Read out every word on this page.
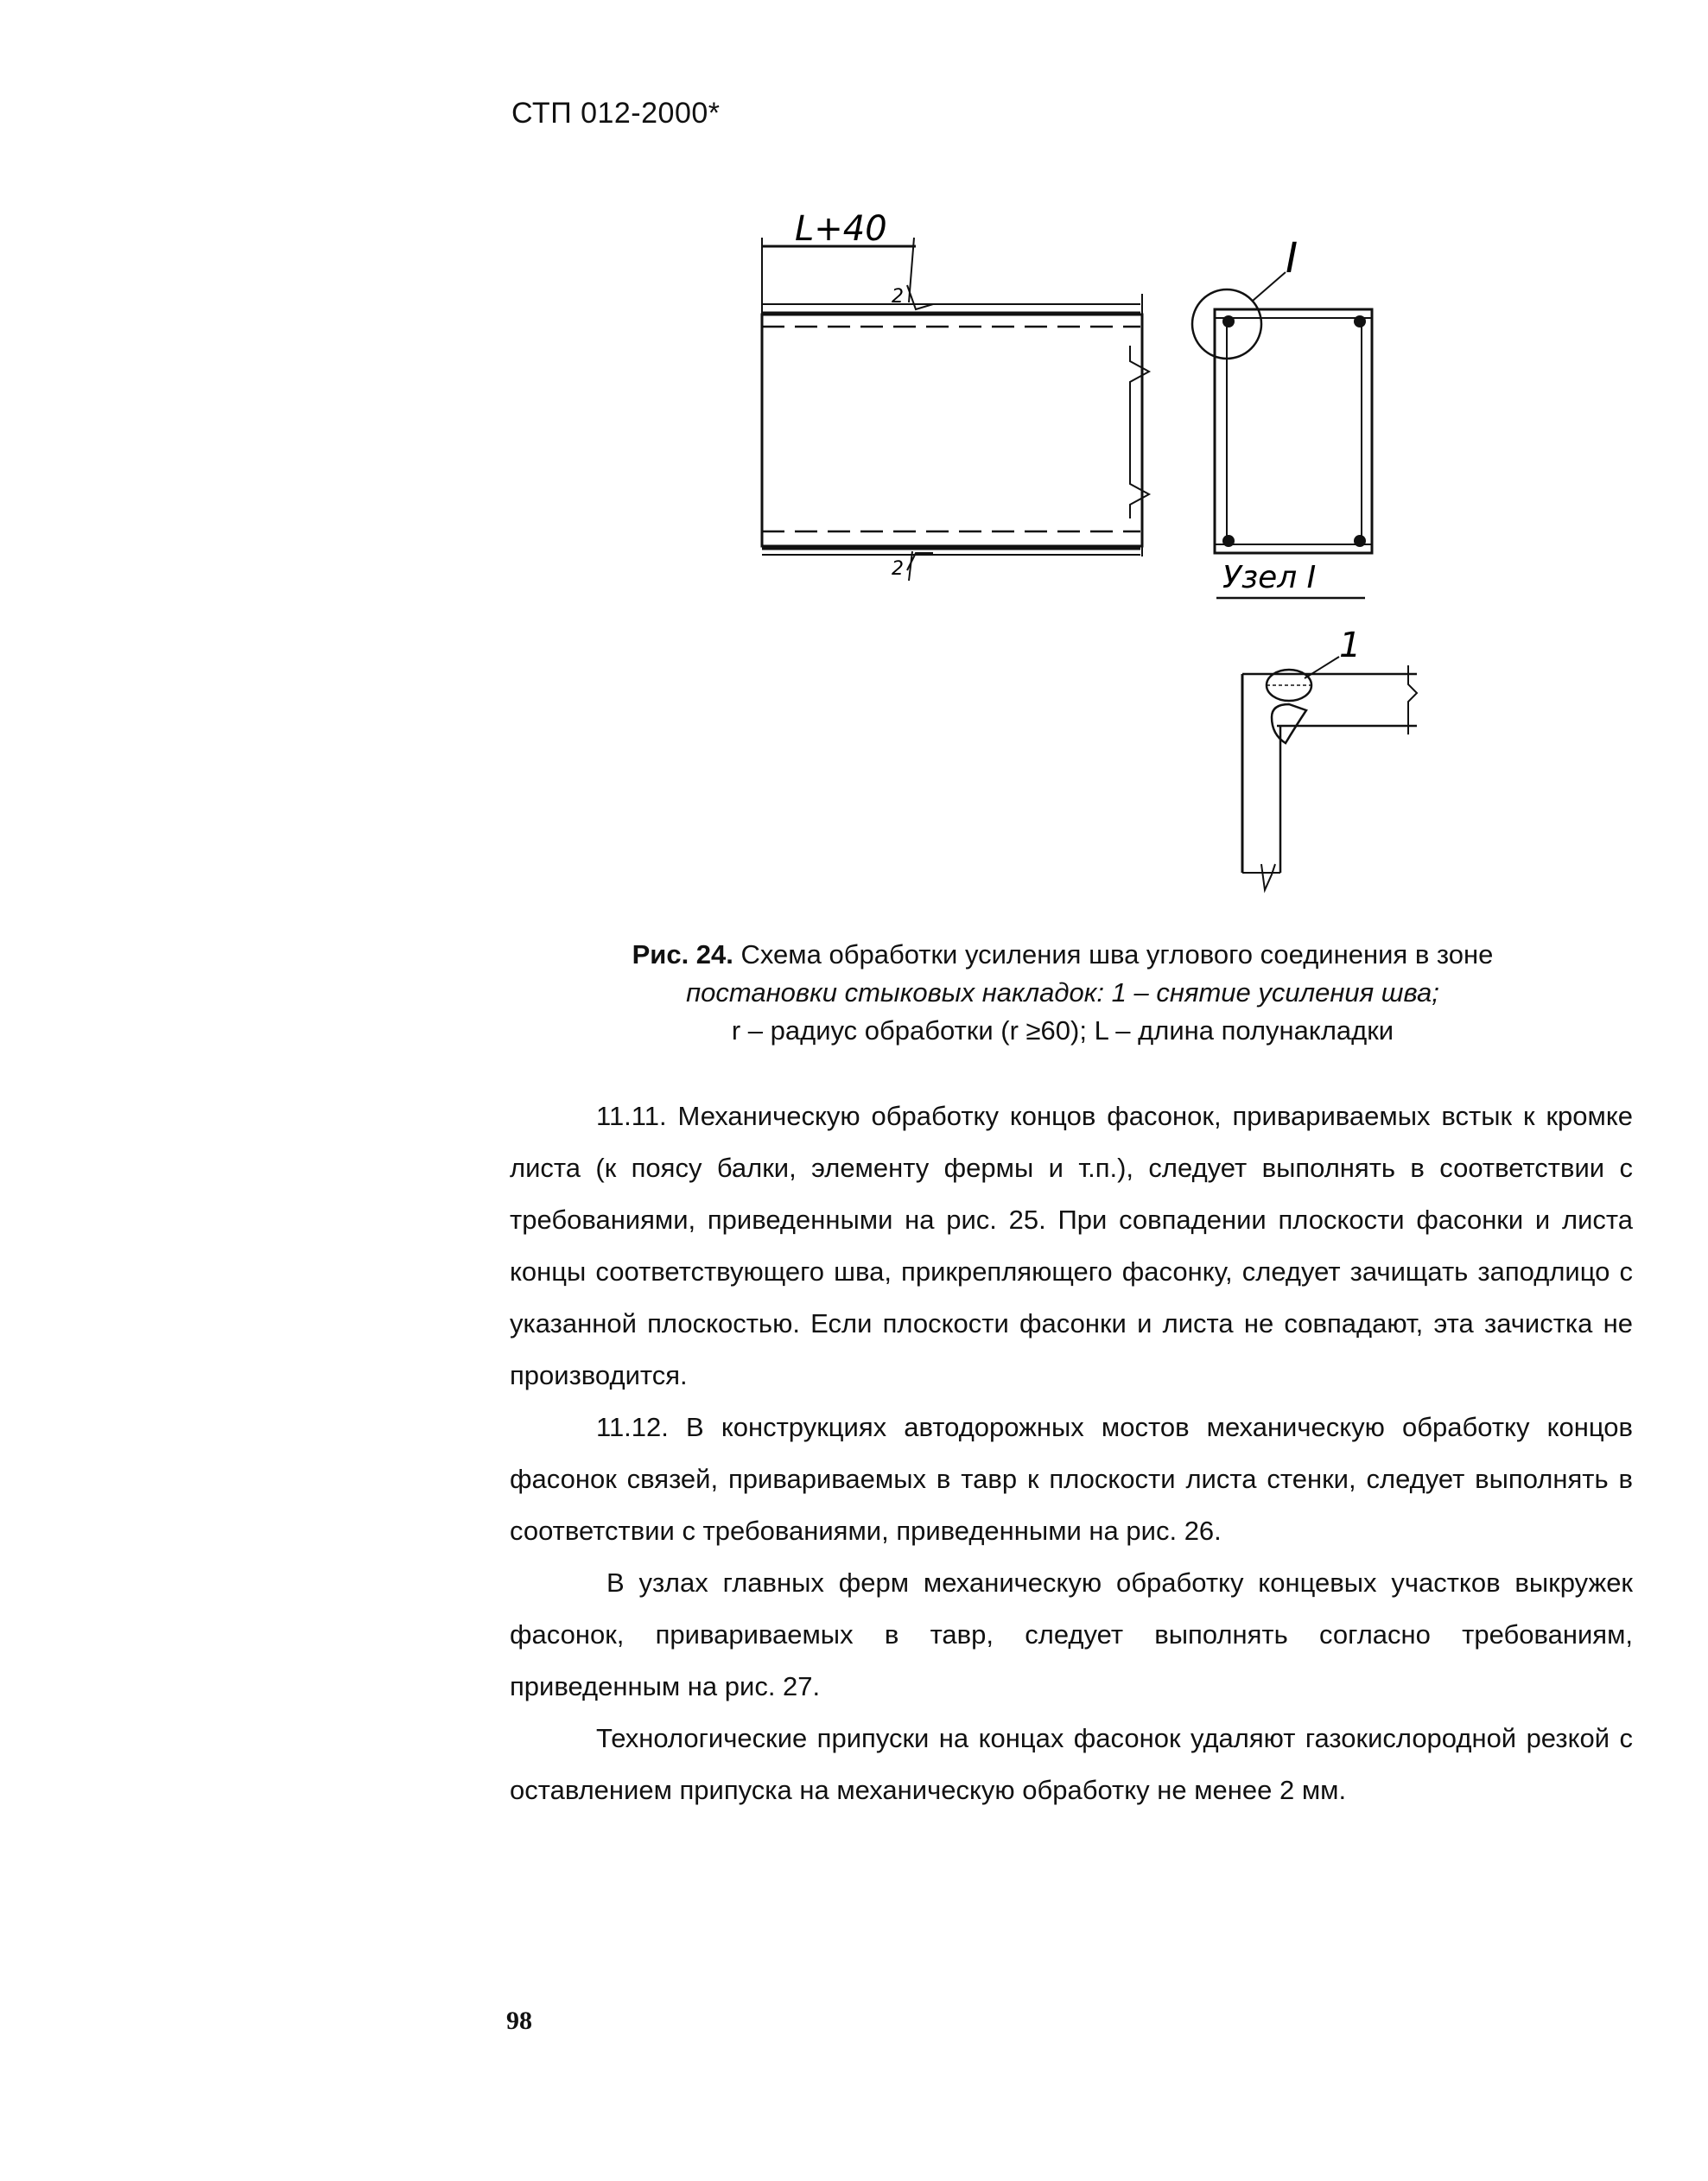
СТП 012-2000*
L+40
2
2
I
Узел I
1
Рис. 24. Схема обработки усиления шва углового соединения в зоне
постановки стыковых накладок: 1 – снятие усиления шва;
r – радиус обработки (r ≥60); L – длина полунакладки

11.11. Механическую обработку концов фасонок, привариваемых встык к кромке листа (к поясу балки, элементу фермы и т.п.), следует выполнять в соответствии с требованиями, приведенными на рис. 25. При совпадении плоскости фасонки и листа концы соответствующего шва, прикрепляющего фасонку, следует зачищать заподлицо с указанной плоскостью. Если плоскости фасонки и листа не совпадают, эта зачистка не производится.

11.12. В конструкциях автодорожных мостов механическую обработку концов фасонок связей, привариваемых в тавр к плоскости листа стенки, следует выполнять в соответствии с требованиями, приведенными на рис. 26.

В узлах главных ферм механическую обработку концевых участков выкружек фасонок, привариваемых в тавр, следует выполнять согласно требованиям, приведенным на рис. 27.

Технологические припуски на концах фасонок удаляют газокислородной резкой с оставлением припуска на механическую обработку не менее 2 мм.

98
